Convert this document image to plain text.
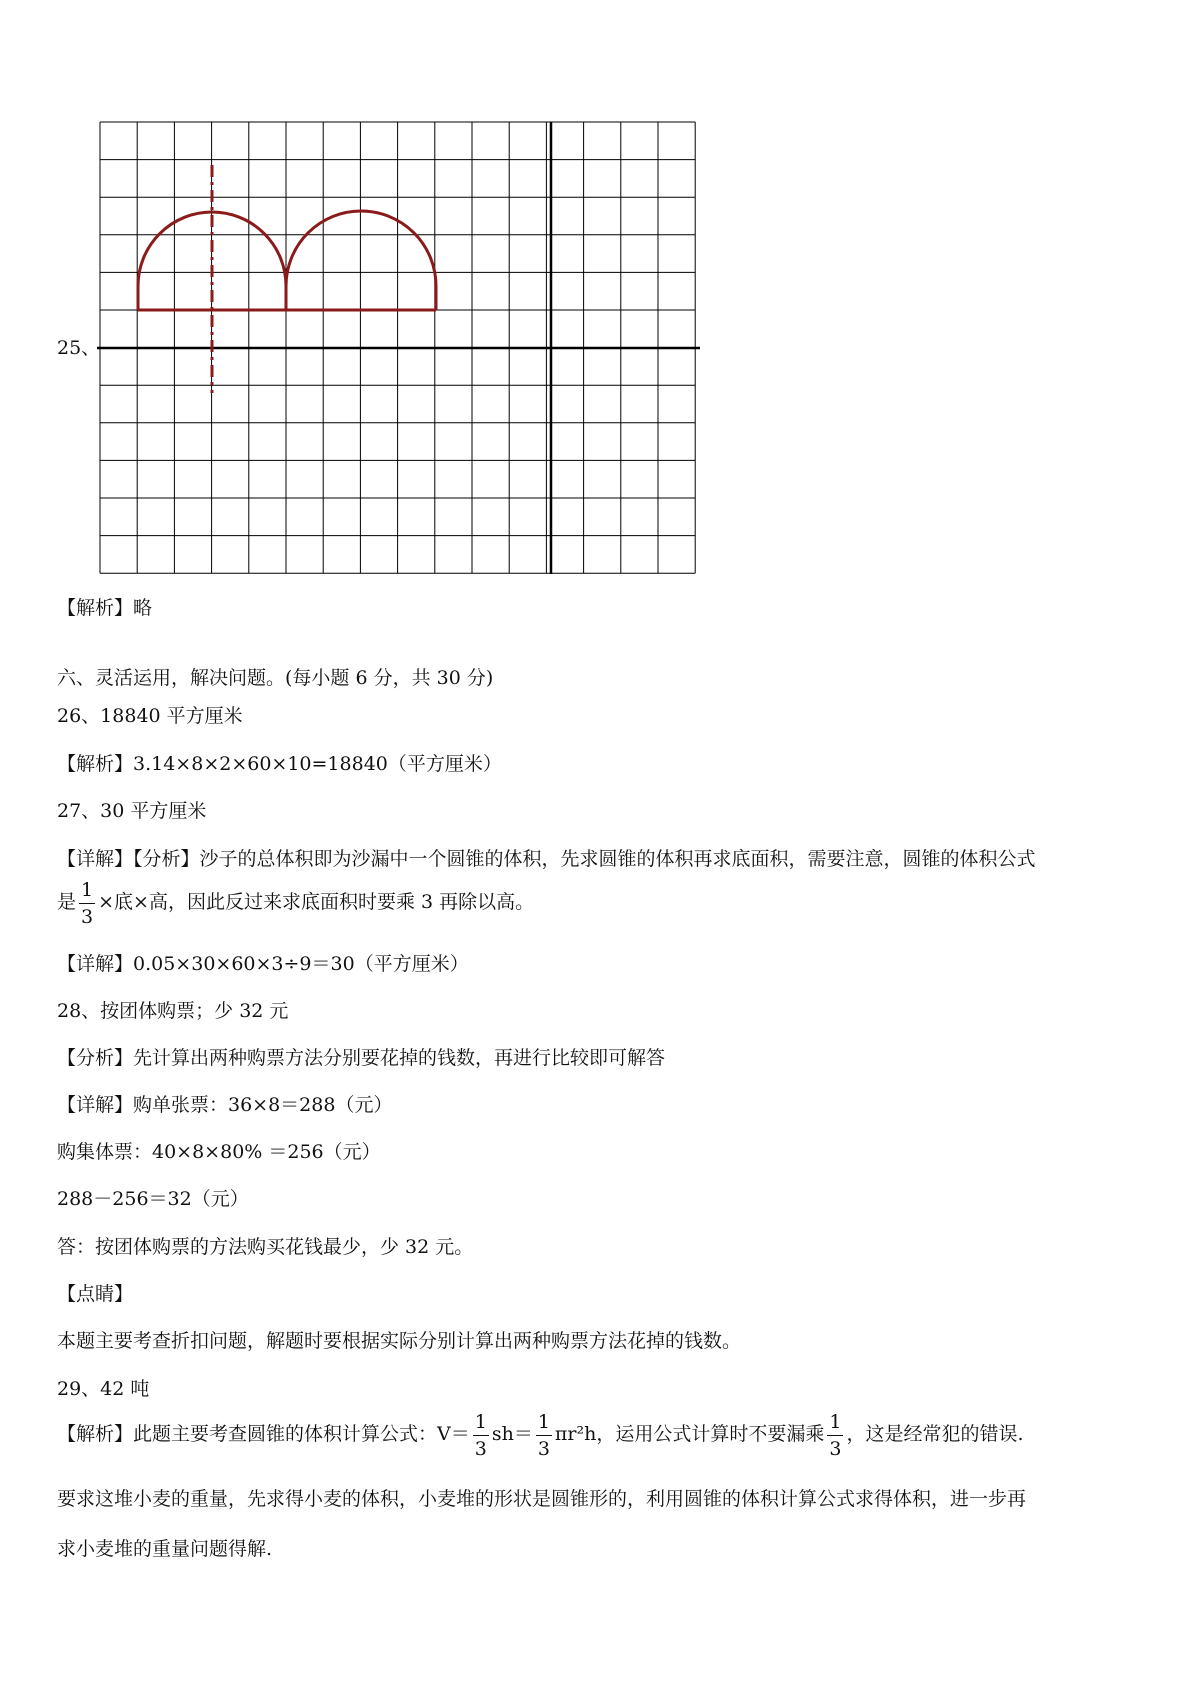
25、
【解析】略
六、灵活运用，解决问题。(每小题 6 分，共 30 分)
26、18840 平方厘米
【解析】3.14×8×2×60×10=18840（平方厘米）
27、30 平方厘米
【详解】【分析】沙子的总体积即为沙漏中一个圆锥的体积，先求圆锥的体积再求底面积，需要注意，圆锥的体积公式
是 $\frac{1}{3}$ ×底×高，因此反过来求底面积时要乘 3 再除以高。
【详解】0.05×30×60×3÷9＝30（平方厘米）
28、按团体购票；少 32 元
【分析】先计算出两种购票方法分别要花掉的钱数，再进行比较即可解答
【详解】购单张票：36×8＝288（元）
购集体票：40×8×80% ＝256（元）
288－256＝32（元）
答：按团体购票的方法购买花钱最少，少 32 元。
【点睛】
本题主要考查折扣问题，解题时要根据实际分别计算出两种购票方法花掉的钱数。
29、42 吨
【解析】此题主要考查圆锥的体积计算公式：$V= \frac{1}{3} sh= \frac{1}{3} \pi r^2h$，运用公式计算时不要漏乘 $\frac{1}{3}$ ，这是经常犯的错误.
要求这堆小麦的重量，先求得小麦的体积，小麦堆的形状是圆锥形的，利用圆锥的体积计算公式求得体积，进一步再
求小麦堆的重量问题得解.
